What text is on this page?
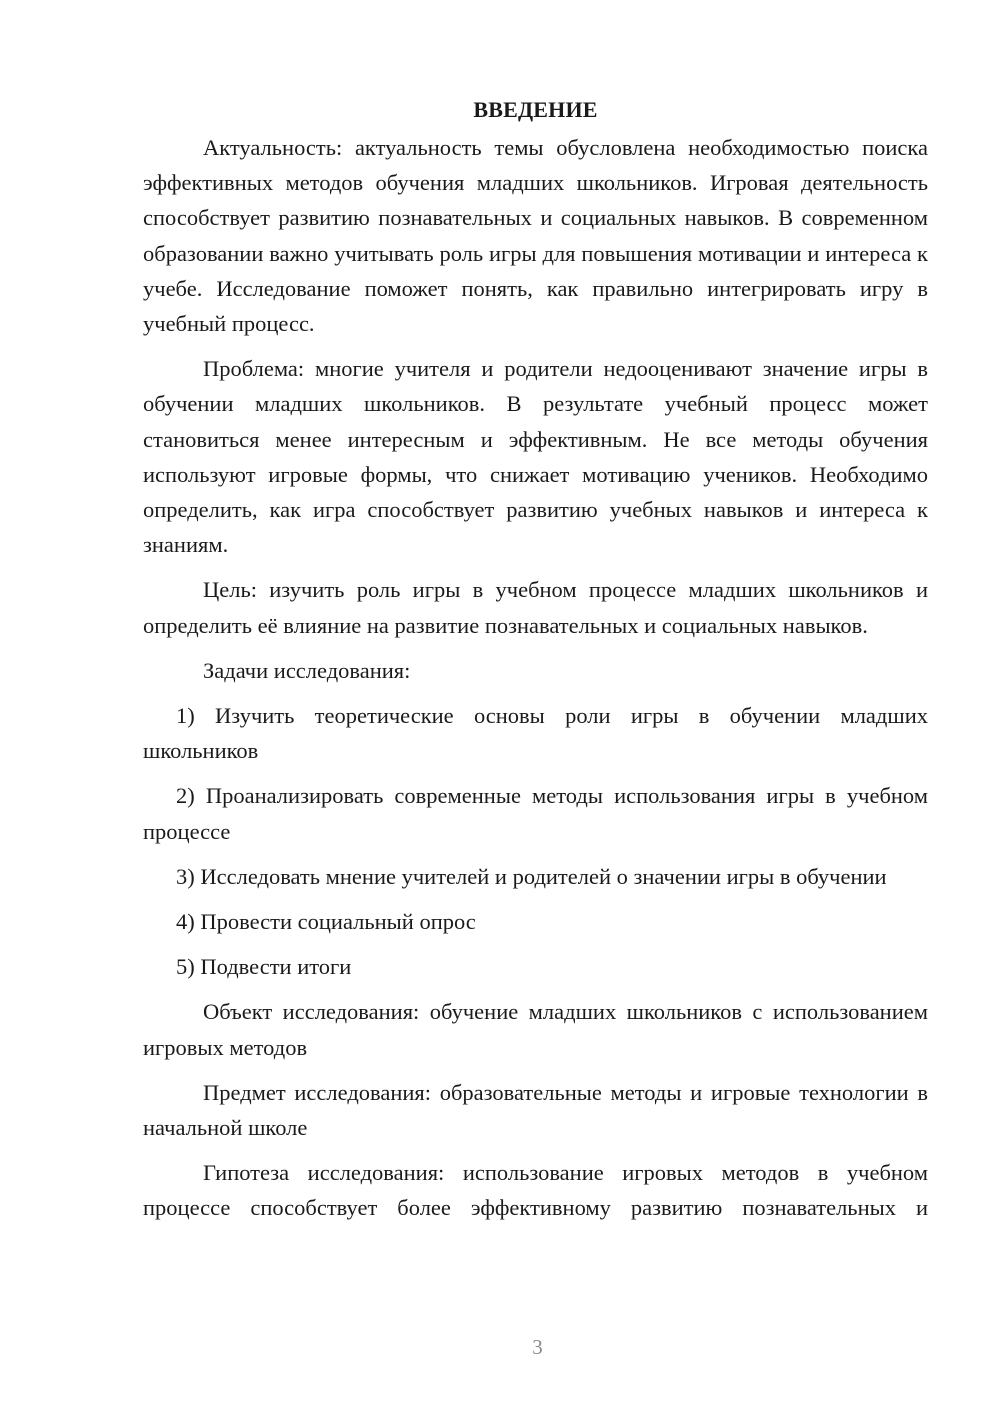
ВВЕДЕНИЕ

Актуальность: актуальность темы обусловлена необходимостью поиска эффективных методов обучения младших школьников. Игровая деятельность способствует развитию познавательных и социальных навыков. В современном образовании важно учитывать роль игры для повышения мотивации и интереса к учебе. Исследование поможет понять, как правильно интегрировать игру в учебный процесс.

Проблема: многие учителя и родители недооценивают значение игры в обучении младших школьников. В результате учебный процесс может становиться менее интересным и эффективным. Не все методы обучения используют игровые формы, что снижает мотивацию учеников. Необходимо определить, как игра способствует развитию учебных навыков и интереса к знаниям.

Цель: изучить роль игры в учебном процессе младших школьников и определить её влияние на развитие познавательных и социальных навыков.

Задачи исследования:

1) Изучить теоретические основы роли игры в обучении младших школьников

2) Проанализировать современные методы использования игры в учебном процессе

3) Исследовать мнение учителей и родителей о значении игры в обучении

4) Провести социальный опрос

5) Подвести итоги

Объект исследования: обучение младших школьников с использованием игровых методов

Предмет исследования: образовательные методы и игровые технологии в начальной школе

Гипотеза исследования: использование игровых методов в учебном процессе способствует более эффективному развитию познавательных и

3
